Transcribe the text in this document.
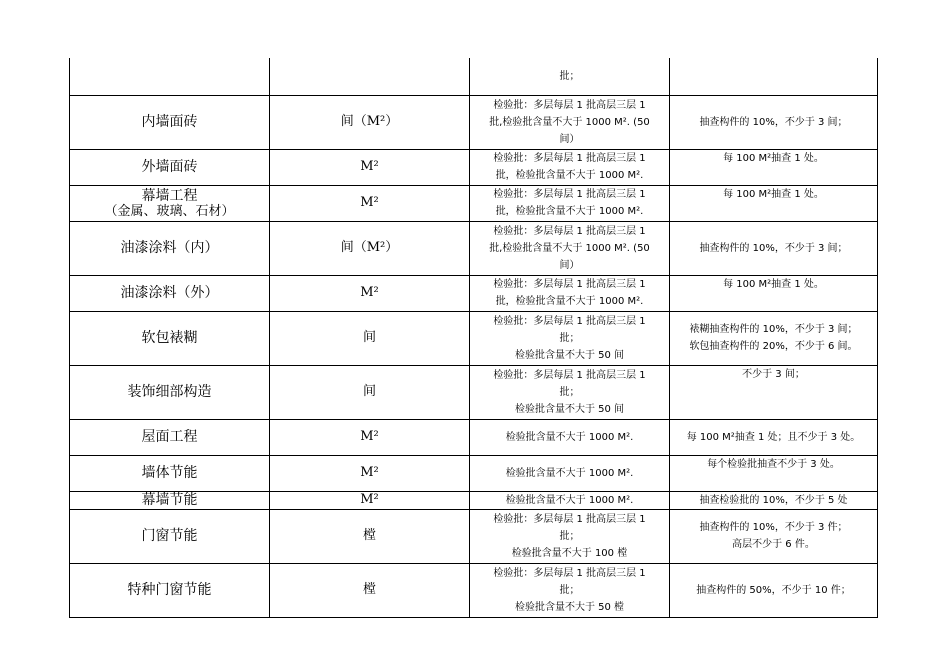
		批；	

内墙面砖	间（M²）	检验批：多层每层 1 批高层三层 1
批,检验批含量不大于 1000 M². (50
间）	抽查构件的 10%，不少于 3 间；

外墙面砖	M²	检验批：多层每层 1 批高层三层 1
批，检验批含量不大于 1000 M².	每 100 M²抽查 1 处。

幕墙工程
（金属、玻璃、石材）	M²	检验批：多层每层 1 批高层三层 1
批，检验批含量不大于 1000 M².	每 100 M²抽查 1 处。

油漆涂料（内）	间（M²）	检验批：多层每层 1 批高层三层 1
批,检验批含量不大于 1000 M². (50
间）	抽查构件的 10%，不少于 3 间；

油漆涂料（外）	M²	检验批：多层每层 1 批高层三层 1
批，检验批含量不大于 1000 M².	每 100 M²抽查 1 处。

软包裱糊	间	检验批：多层每层 1 批高层三层 1
批；
检验批含量不大于 50 间	裱糊抽查构件的 10%，不少于 3 间；
软包抽查构件的 20%，不少于 6 间。

装饰细部构造	间	检验批：多层每层 1 批高层三层 1
批；
检验批含量不大于 50 间	不少于 3 间；

屋面工程	M²	检验批含量不大于 1000 M².	每 100 M²抽查 1 处；且不少于 3 处。

墙体节能	M²	检验批含量不大于 1000 M².	每个检验批抽查不少于 3 处。

幕墙节能	M²	检验批含量不大于 1000 M².	抽查检验批的 10%，不少于 5 处

门窗节能	樘	检验批：多层每层 1 批高层三层 1
批；
检验批含量不大于 100 樘	抽查构件的 10%，不少于 3 件；
高层不少于 6 件。

特种门窗节能	樘	检验批：多层每层 1 批高层三层 1
批；
检验批含量不大于 50 樘	抽查构件的 50%，不少于 10 件；
